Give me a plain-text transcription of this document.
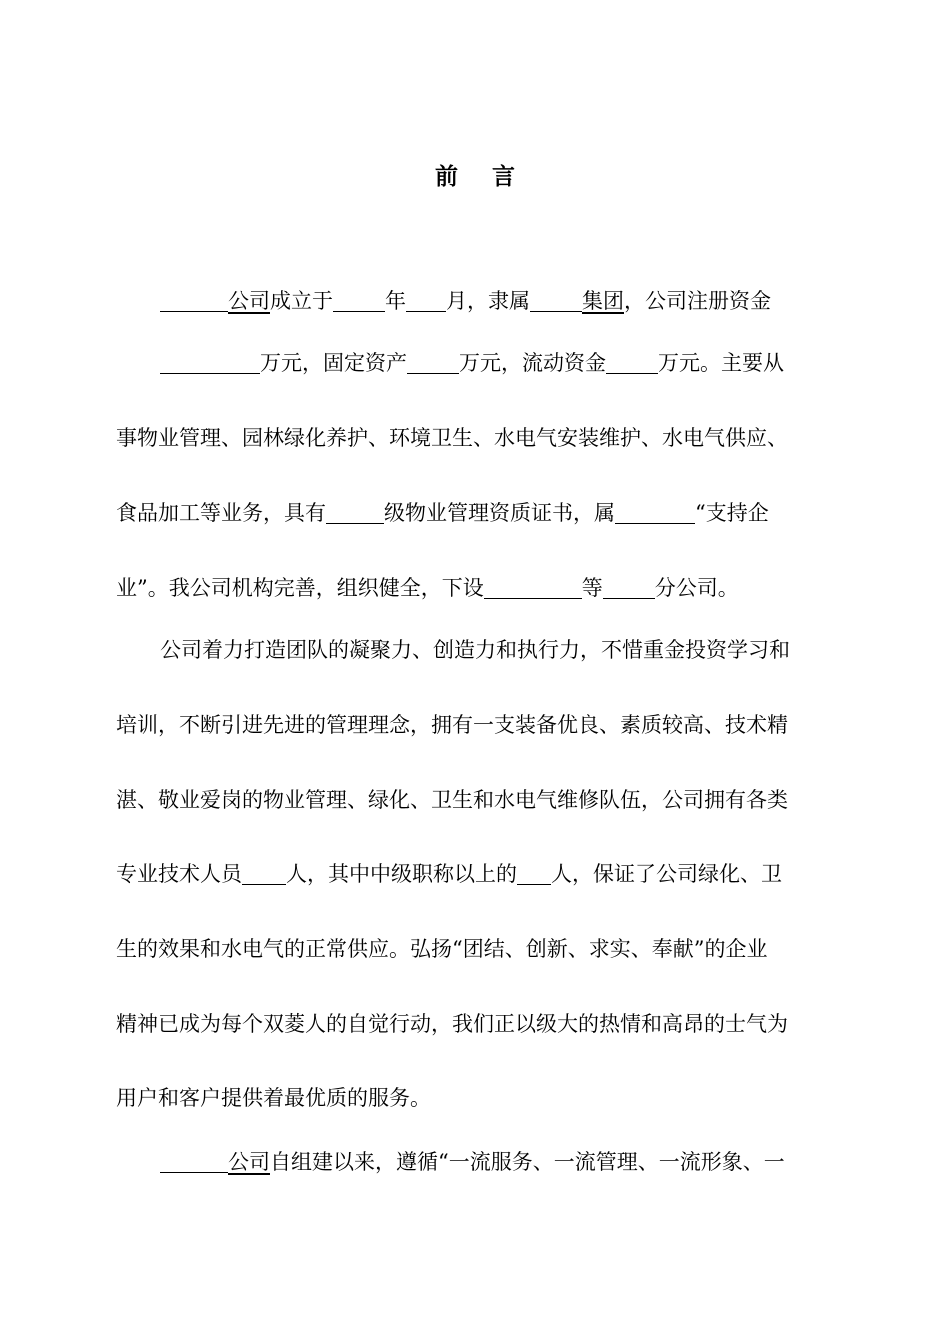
前言
公司成立于 年 月，隶属 集团，公司注册资金
万元，固定资产 万元，流动资金 万元。主要从
事物业管理、园林绿化养护、环境卫生、水电气安装维护、水电气供应、
食品加工等业务，具有	级物业管理资质证书，属	“支持企
业”。我公司机构完善，组织健全，下设	等 分公司。
公司着力打造团队的凝聚力、创造力和执行力，不惜重金投资学习和
培训，不断引进先进的管理理念，拥有一支装备优良、素质较高、技术精
湛、敬业爱岗的物业管理、绿化、卫生和水电气维修队伍，公司拥有各类
专业技术人员 人，其中中级职称以上的 人，保证了公司绿化、卫
生的效果和水电气的正常供应。弘扬“团结、创新、求实、奉献”的企业
精神已成为每个双菱人的自觉行动，我们正以级大的热情和高昂的士气为
用户和客户提供着最优质的服务。
公司自组建以来，遵循“一流服务、一流管理、一流形象、一
